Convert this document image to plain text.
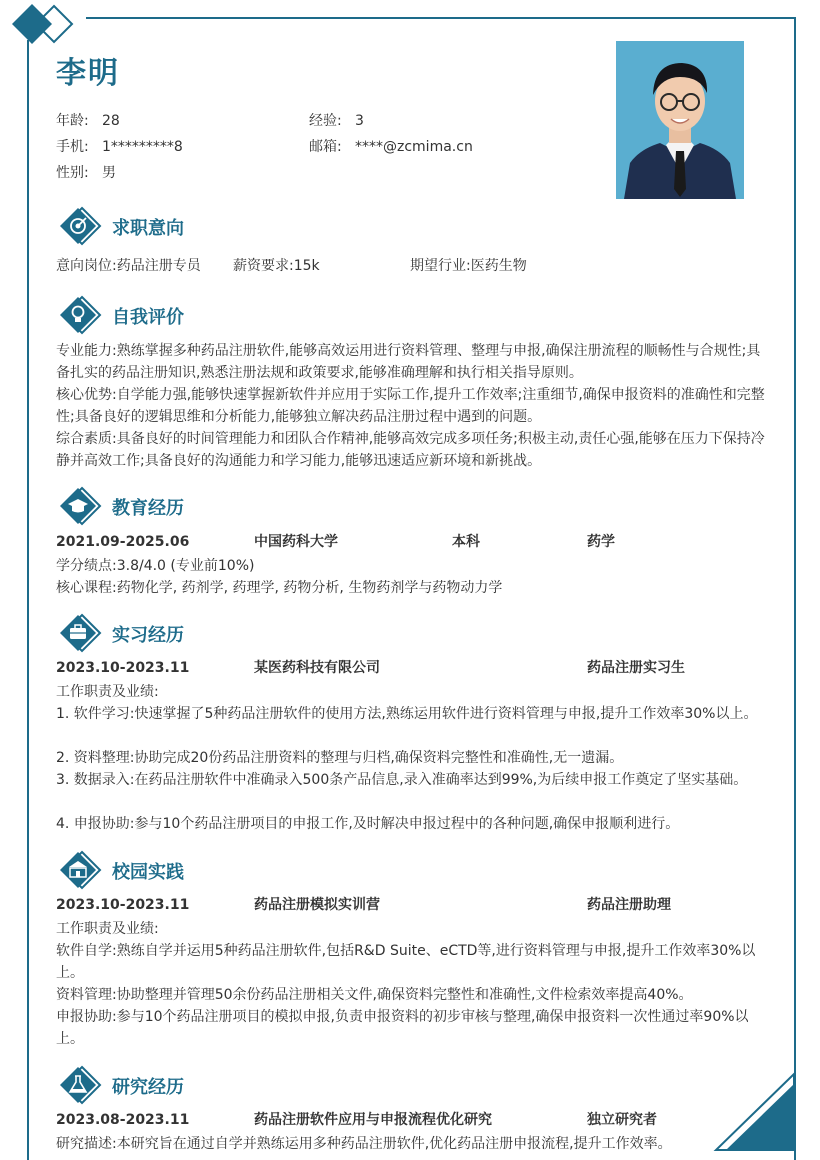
李明
年龄: 28	经验: 3
手机: 1*********8	邮箱: ****@zcmima.cn
性别: 男
求职意向
意向岗位:药品注册专员 薪资要求:15k	期望行业:医药生物
自我评价
专业能力:熟练掌握多种药品注册软件,能够高效运用进行资料管理、整理与申报,确保注册流程的顺畅性与合规性;具备扎实的药品注册知识,熟悉注册法规和政策要求,能够准确理解和执行相关指导原则。
核心优势:自学能力强,能够快速掌握新软件并应用于实际工作,提升工作效率;注重细节,确保申报资料的准确性和完整性;具备良好的逻辑思维和分析能力,能够独立解决药品注册过程中遇到的问题。
综合素质:具备良好的时间管理能力和团队合作精神,能够高效完成多项任务;积极主动,责任心强,能够在压力下保持冷静并高效工作;具备良好的沟通能力和学习能力,能够迅速适应新环境和新挑战。
教育经历
2021.09-2025.06	中国药科大学	本科	药学
学分绩点:3.8/4.0 (专业前10%)
核心课程:药物化学, 药剂学, 药理学, 药物分析, 生物药剂学与药物动力学
实习经历
2023.10-2023.11	某医药科技有限公司	药品注册实习生
工作职责及业绩:
1. 软件学习:快速掌握了5种药品注册软件的使用方法,熟练运用软件进行资料管理与申报,提升工作效率30%以上。
2. 资料整理:协助完成20份药品注册资料的整理与归档,确保资料完整性和准确性,无一遗漏。
3. 数据录入:在药品注册软件中准确录入500条产品信息,录入准确率达到99%,为后续申报工作奠定了坚实基础。
4. 申报协助:参与10个药品注册项目的申报工作,及时解决申报过程中的各种问题,确保申报顺利进行。
校园实践
2023.10-2023.11	药品注册模拟实训营	药品注册助理
工作职责及业绩:
软件自学:熟练自学并运用5种药品注册软件,包括R&D Suite、eCTD等,进行资料管理与申报,提升工作效率30%以上。
资料管理:协助整理并管理50余份药品注册相关文件,确保资料完整性和准确性,文件检索效率提高40%。
申报协助:参与10个药品注册项目的模拟申报,负责申报资料的初步审核与整理,确保申报资料一次性通过率90%以上。
研究经历
2023.08-2023.11	药品注册软件应用与申报流程优化研究	独立研究者
研究描述:本研究旨在通过自学并熟练运用多种药品注册软件,优化药品注册申报流程,提升工作效率。
